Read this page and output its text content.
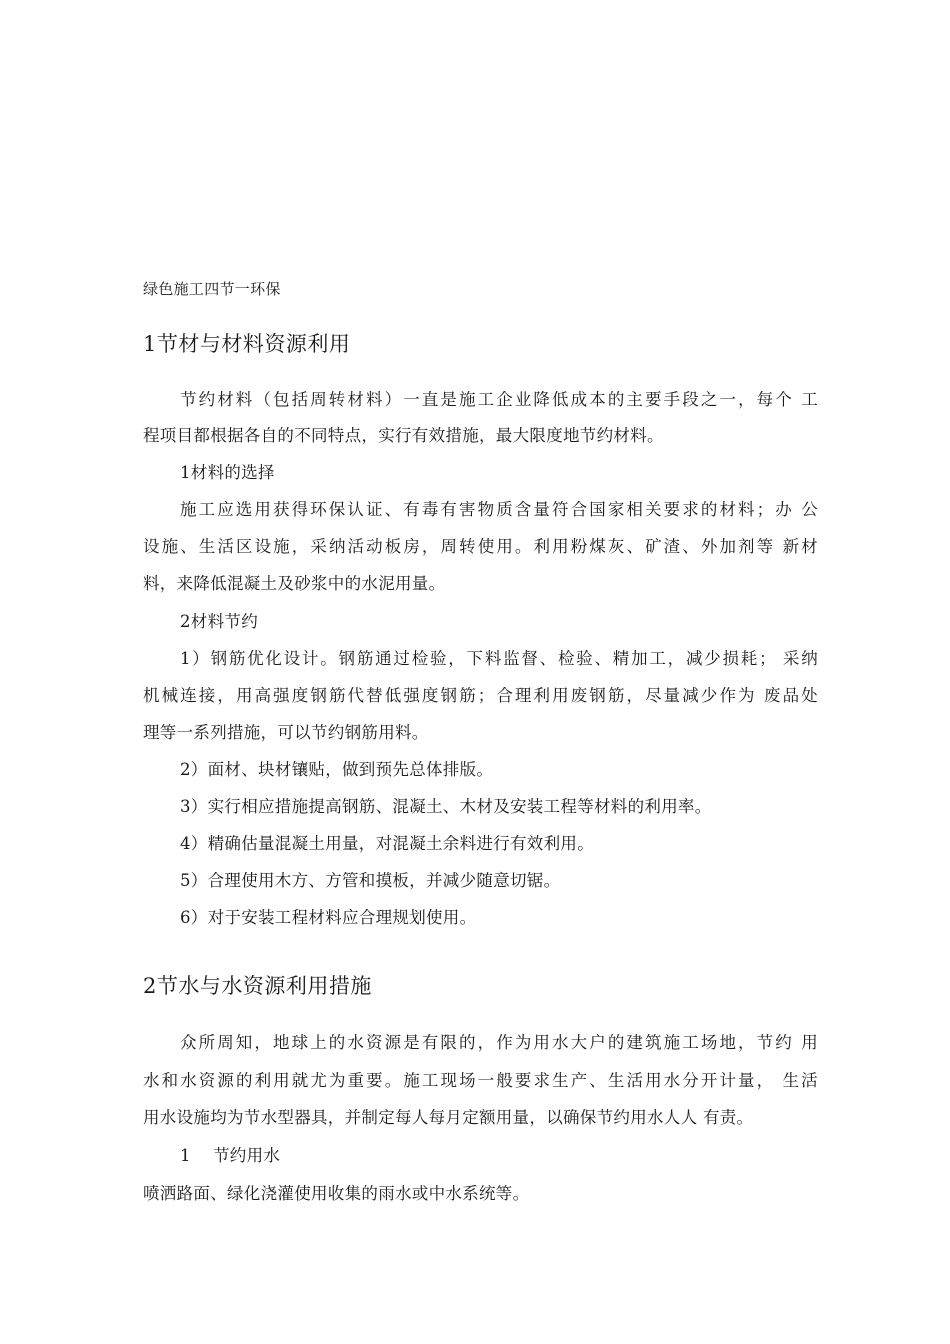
绿色施工四节一环保
1节材与材料资源利用
节约材料（包括周转材料）一直是施工企业降低成本的主要手段之一，每个 工
程项目都根据各自的不同特点，实行有效措施，最大限度地节约材料。
1材料的选择
施工应选用获得环保认证、有毒有害物质含量符合国家相关要求的材料；办 公
设施、生活区设施，采纳活动板房，周转使用。利用粉煤灰、矿渣、外加剂等 新材
料，来降低混凝土及砂浆中的水泥用量。
2材料节约
1）钢筋优化设计。钢筋通过检验，下料监督、检验、精加工，减少损耗； 采纳
机械连接，用高强度钢筋代替低强度钢筋；合理利用废钢筋，尽量减少作为 废品处
理等一系列措施，可以节约钢筋用料。
2）面材、块材镶贴，做到预先总体排版。
3）实行相应措施提高钢筋、混凝土、木材及安装工程等材料的利用率。
4）精确估量混凝土用量，对混凝土余料进行有效利用。
5）合理使用木方、方管和摸板，并减少随意切锯。
6）对于安装工程材料应合理规划使用。
2节水与水资源利用措施
众所周知，地球上的水资源是有限的，作为用水大户的建筑施工场地，节约 用
水和水资源的利用就尤为重要。施工现场一般要求生产、生活用水分开计量， 生活
用水设施均为节水型器具，并制定每人每月定额用量，以确保节约用水人人 有责。
1    节约用水
喷洒路面、绿化浇灌使用收集的雨水或中水系统等。
